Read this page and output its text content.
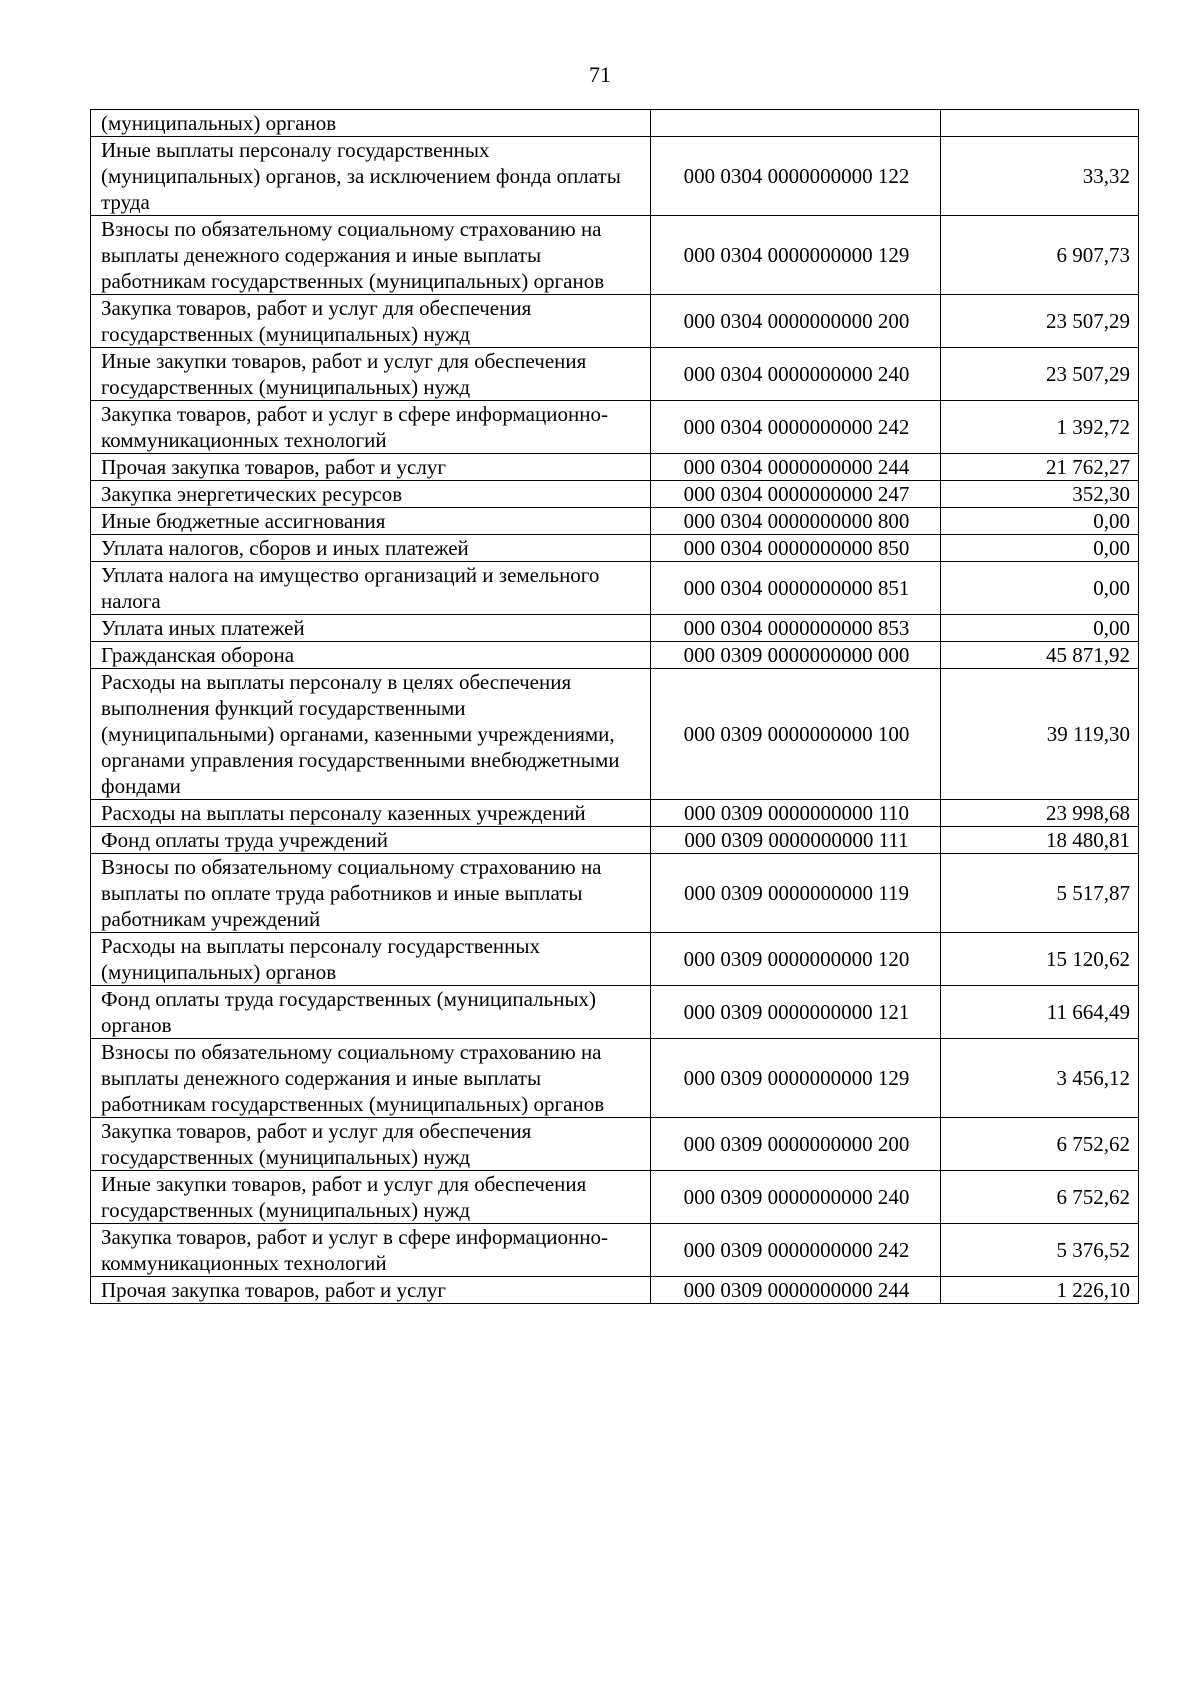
71
(муниципальных) органов		
Иные выплаты персоналу государственных (муниципальных) органов, за исключением фонда оплаты труда	000 0304 0000000000 122	33,32
Взносы по обязательному социальному страхованию на выплаты денежного содержания и иные выплаты работникам государственных (муниципальных) органов	000 0304 0000000000 129	6 907,73
Закупка товаров, работ и услуг для обеспечения государственных (муниципальных) нужд	000 0304 0000000000 200	23 507,29
Иные закупки товаров, работ и услуг для обеспечения государственных (муниципальных) нужд	000 0304 0000000000 240	23 507,29
Закупка товаров, работ и услуг в сфере информационно-коммуникационных технологий	000 0304 0000000000 242	1 392,72
Прочая закупка товаров, работ и услуг	000 0304 0000000000 244	21 762,27
Закупка энергетических ресурсов	000 0304 0000000000 247	352,30
Иные бюджетные ассигнования	000 0304 0000000000 800	0,00
Уплата налогов, сборов и иных платежей	000 0304 0000000000 850	0,00
Уплата налога на имущество организаций и земельного налога	000 0304 0000000000 851	0,00
Уплата иных платежей	000 0304 0000000000 853	0,00
Гражданская оборона	000 0309 0000000000 000	45 871,92
Расходы на выплаты персоналу в целях обеспечения выполнения функций государственными (муниципальными) органами, казенными учреждениями, органами управления государственными внебюджетными фондами	000 0309 0000000000 100	39 119,30
Расходы на выплаты персоналу казенных учреждений	000 0309 0000000000 110	23 998,68
Фонд оплаты труда учреждений	000 0309 0000000000 111	18 480,81
Взносы по обязательному социальному страхованию на выплаты по оплате труда работников и иные выплаты работникам учреждений	000 0309 0000000000 119	5 517,87
Расходы на выплаты персоналу государственных (муниципальных) органов	000 0309 0000000000 120	15 120,62
Фонд оплаты труда государственных (муниципальных) органов	000 0309 0000000000 121	11 664,49
Взносы по обязательному социальному страхованию на выплаты денежного содержания и иные выплаты работникам государственных (муниципальных) органов	000 0309 0000000000 129	3 456,12
Закупка товаров, работ и услуг для обеспечения государственных (муниципальных) нужд	000 0309 0000000000 200	6 752,62
Иные закупки товаров, работ и услуг для обеспечения государственных (муниципальных) нужд	000 0309 0000000000 240	6 752,62
Закупка товаров, работ и услуг в сфере информационно-коммуникационных технологий	000 0309 0000000000 242	5 376,52
Прочая закупка товаров, работ и услуг	000 0309 0000000000 244	1 226,10
